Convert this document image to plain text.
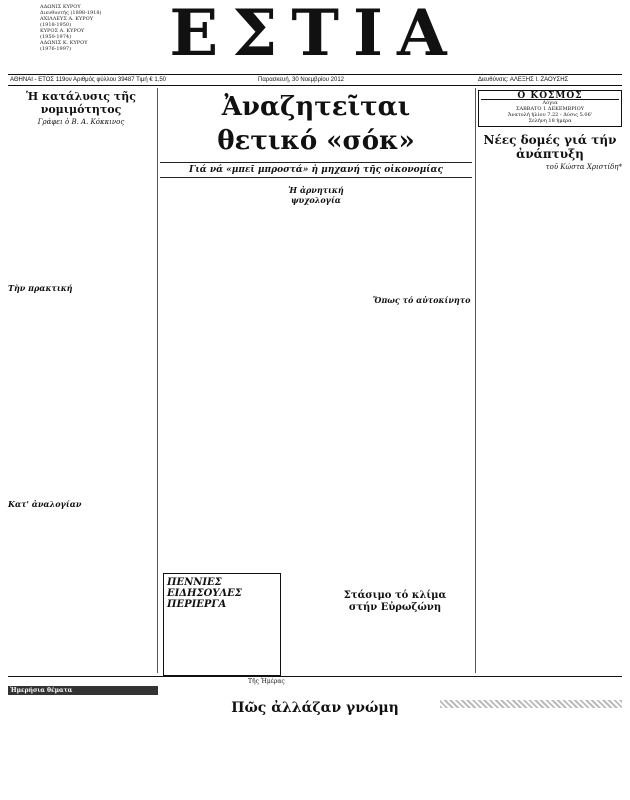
ΑΔΩΝΙΣ ΚΥΡΟΥ
Διευθυντής (1898-1918)
ΑΧΙΛΛΕΥΣ Α. ΚΥΡΟΥ
(1918-1950)
ΚΥΡΟΣ Α. ΚΥΡΟΥ
(1950-1974)
ΑΔΩΝΙΣ Κ. ΚΥΡΟΥ
(1976-1997)	ΕΣΤΙΑ
ΑΘΗΝΑΙ - ΕΤΟΣ 119ον Αριθμός φύλλου 39487 Τιμή € 1,50	Παρασκευή, 30 Νοεμβρίου 2012	Διευθύνσις: ΑΛΕΞΗΣ Ι. ΖΑΟΥΣΗΣ
Ἡ κατάλυσις τῆς νομιμότητος
Γράφει ὁ Β. Α. Κόκκινος
Τὴν πρακτική
Κατ' ἀναλογίαν
Ἀναζητεῖται
θετικό «σόκ»
Γιά νά «μπεῖ μπροστά» ἡ μηχανή τῆς οἰκονομίας
Ἡ ἀρνητική ψυχολογία
Ὅπως τό αὐτοκίνητο
Ο ΚΟΣΜΟΣ
Λόγια
ΣΑΒΒΑΤΟ 1 ΔΕΚΕΜΒΡΙΟΥ
Ἀνατολή ἡλίου 7.22 - Δύσις 5.06'
Σελήνη 18 ἡμέρα
Νέες δομές γιά τήν ἀνάπτυξη
τοῦ Κώστα Χριστίδη*
ΠΕΝΝΙΕΣ ΕΙΔΗΣΟΥΛΕΣ ΠΕΡΙΕΡΓΑ
Στάσιμο τό κλίμα
στήν Εὐρωζώνη
Τῆς Ἡμέρας
Ἡμερήσια θέματα
Πῶς ἀλλάζαν γνώμη
